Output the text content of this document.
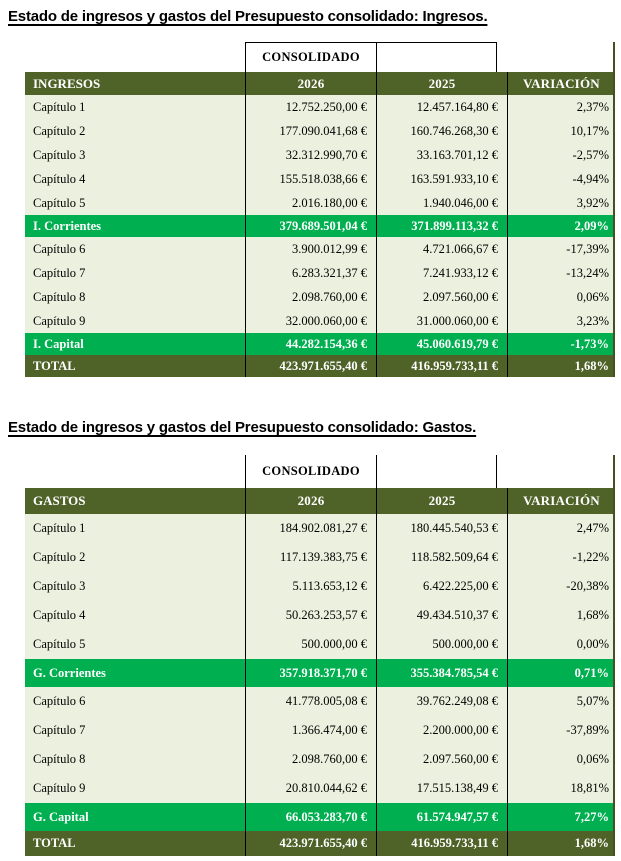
Estado de ingresos y gastos del Presupuesto consolidado: Ingresos.
CONSOLIDADO
INGRESOS	2026	2025	VARIACIÓN
Capítulo 1	12.752.250,00 €	12.457.164,80 €	2,37%
Capítulo 2	177.090.041,68 €	160.746.268,30 €	10,17%
Capítulo 3	32.312.990,70 €	33.163.701,12 €	-2,57%
Capítulo 4	155.518.038,66 €	163.591.933,10 €	-4,94%
Capítulo 5	2.016.180,00 €	1.940.046,00 €	3,92%
I. Corrientes	379.689.501,04 €	371.899.113,32 €	2,09%
Capítulo 6	3.900.012,99 €	4.721.066,67 €	-17,39%
Capítulo 7	6.283.321,37 €	7.241.933,12 €	-13,24%
Capítulo 8	2.098.760,00 €	2.097.560,00 €	0,06%
Capítulo 9	32.000.060,00 €	31.000.060,00 €	3,23%
I. Capital	44.282.154,36 €	45.060.619,79 €	-1,73%
TOTAL	423.971.655,40 €	416.959.733,11 €	1,68%
Estado de ingresos y gastos del Presupuesto consolidado: Gastos.
CONSOLIDADO
GASTOS	2026	2025	VARIACIÓN
Capítulo 1	184.902.081,27 €	180.445.540,53 €	2,47%
Capítulo 2	117.139.383,75 €	118.582.509,64 €	-1,22%
Capítulo 3	5.113.653,12 €	6.422.225,00 €	-20,38%
Capítulo 4	50.263.253,57 €	49.434.510,37 €	1,68%
Capítulo 5	500.000,00 €	500.000,00 €	0,00%
G. Corrientes	357.918.371,70 €	355.384.785,54 €	0,71%
Capítulo 6	41.778.005,08 €	39.762.249,08 €	5,07%
Capítulo 7	1.366.474,00 €	2.200.000,00 €	-37,89%
Capítulo 8	2.098.760,00 €	2.097.560,00 €	0,06%
Capítulo 9	20.810.044,62 €	17.515.138,49 €	18,81%
G. Capital	66.053.283,70 €	61.574.947,57 €	7,27%
TOTAL	423.971.655,40 €	416.959.733,11 €	1,68%
